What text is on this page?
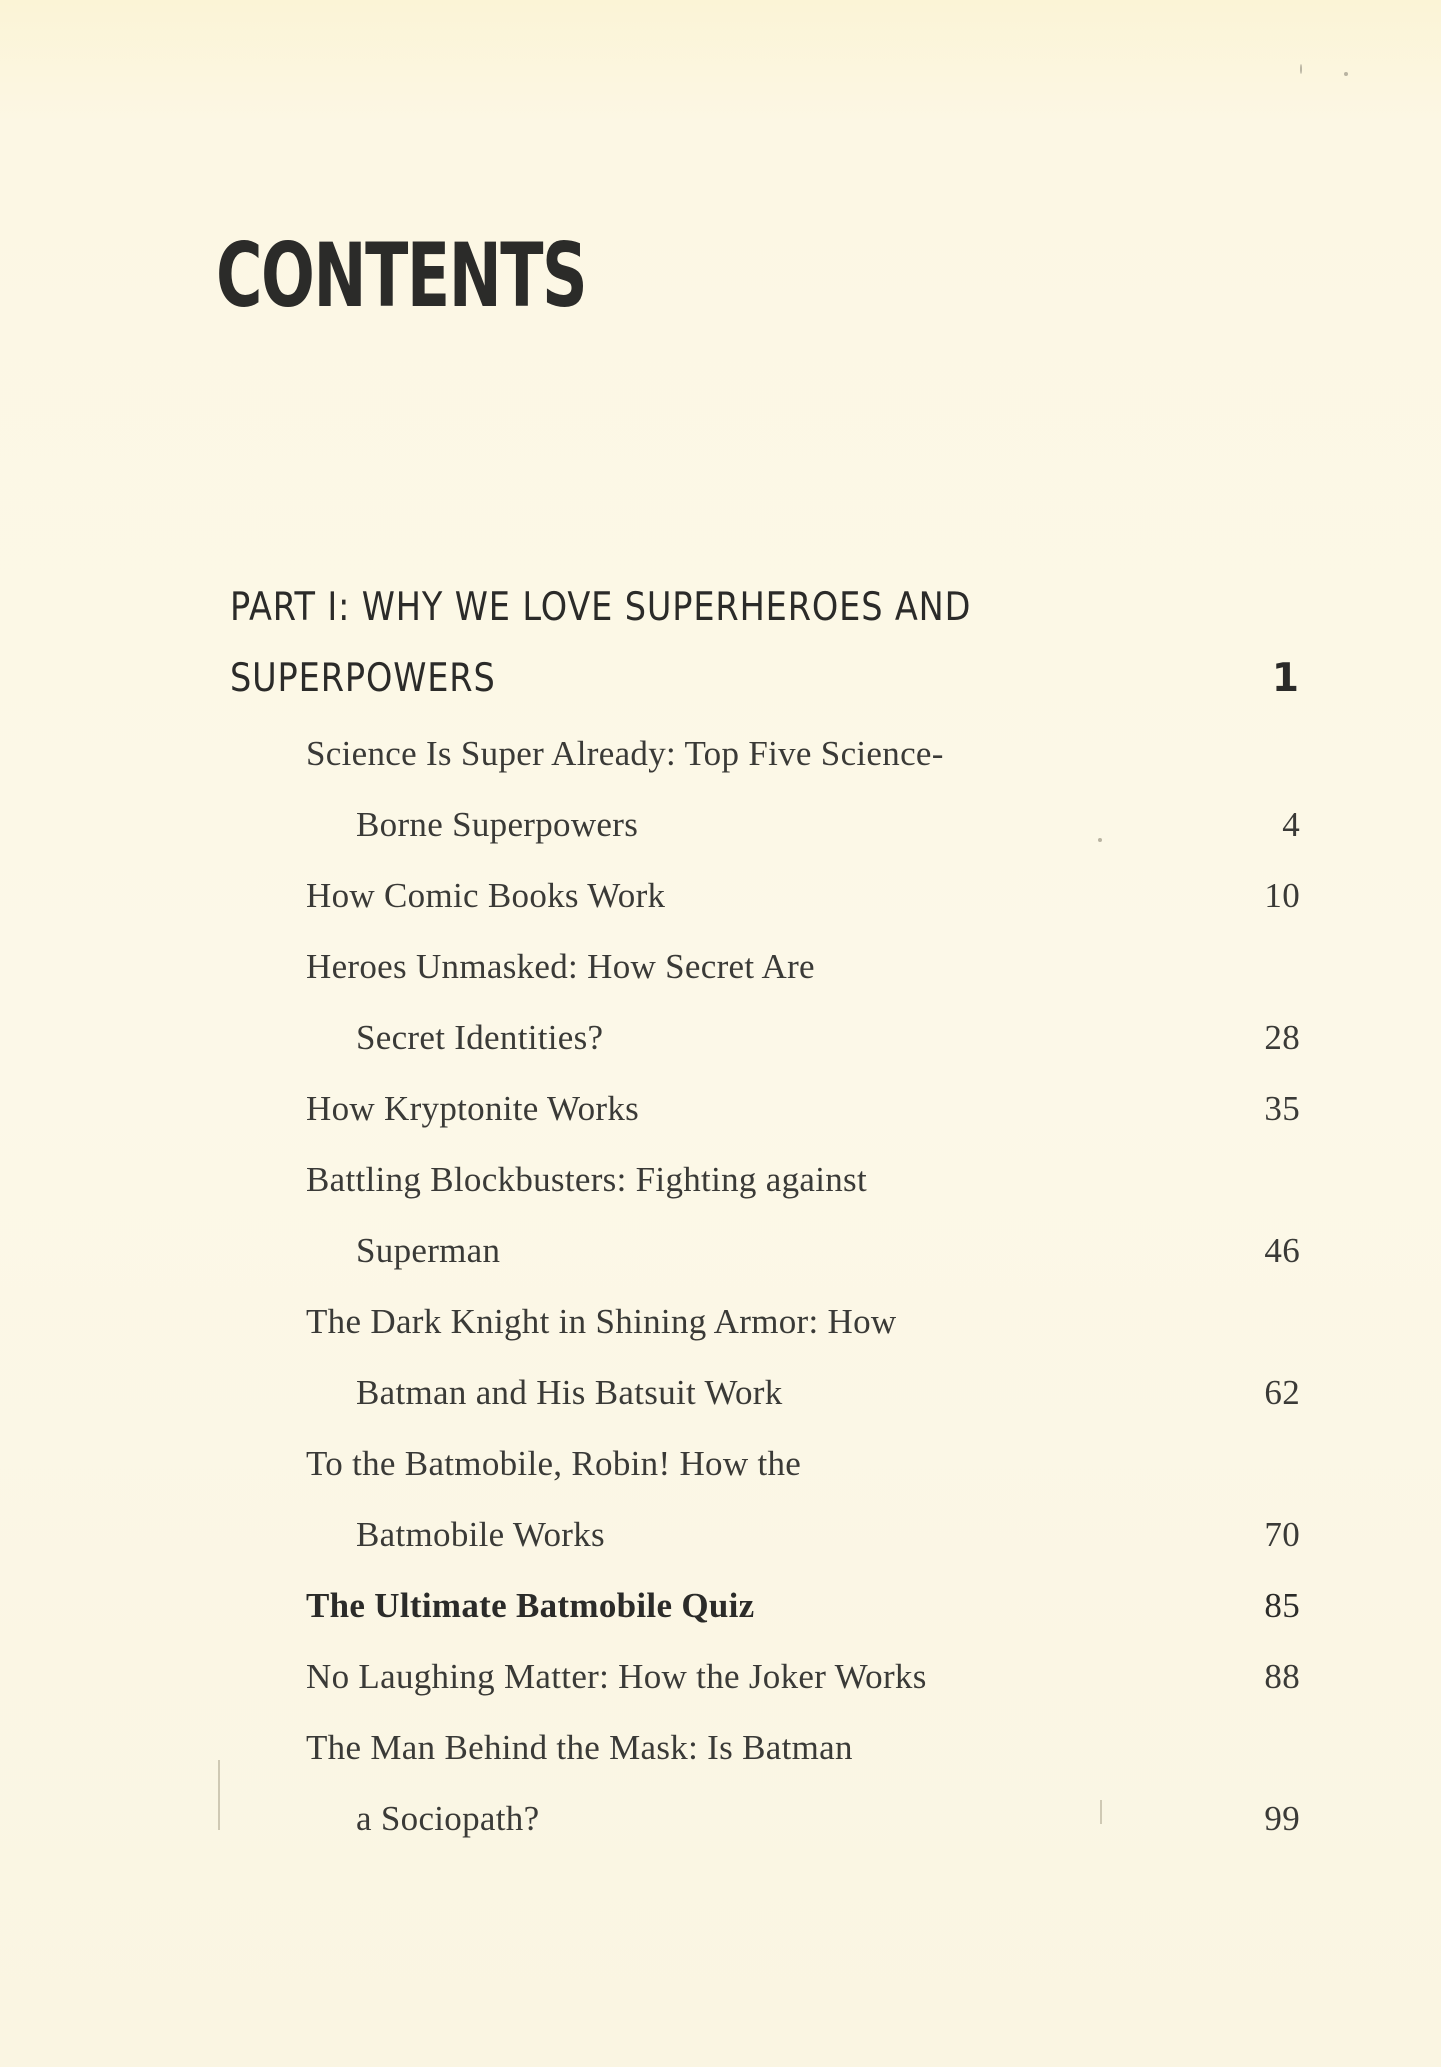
CONTENTS
PART I: WHY WE LOVE SUPERHEROES AND
SUPERPOWERS	1
Science Is Super Already: Top Five Science-
Borne Superpowers	4
How Comic Books Work	10
Heroes Unmasked: How Secret Are
Secret Identities?	28
How Kryptonite Works	35
Battling Blockbusters: Fighting against
Superman	46
The Dark Knight in Shining Armor: How
Batman and His Batsuit Work	62
To the Batmobile, Robin! How the
Batmobile Works	70
The Ultimate Batmobile Quiz	85
No Laughing Matter: How the Joker Works	88
The Man Behind the Mask: Is Batman
a Sociopath?	99
